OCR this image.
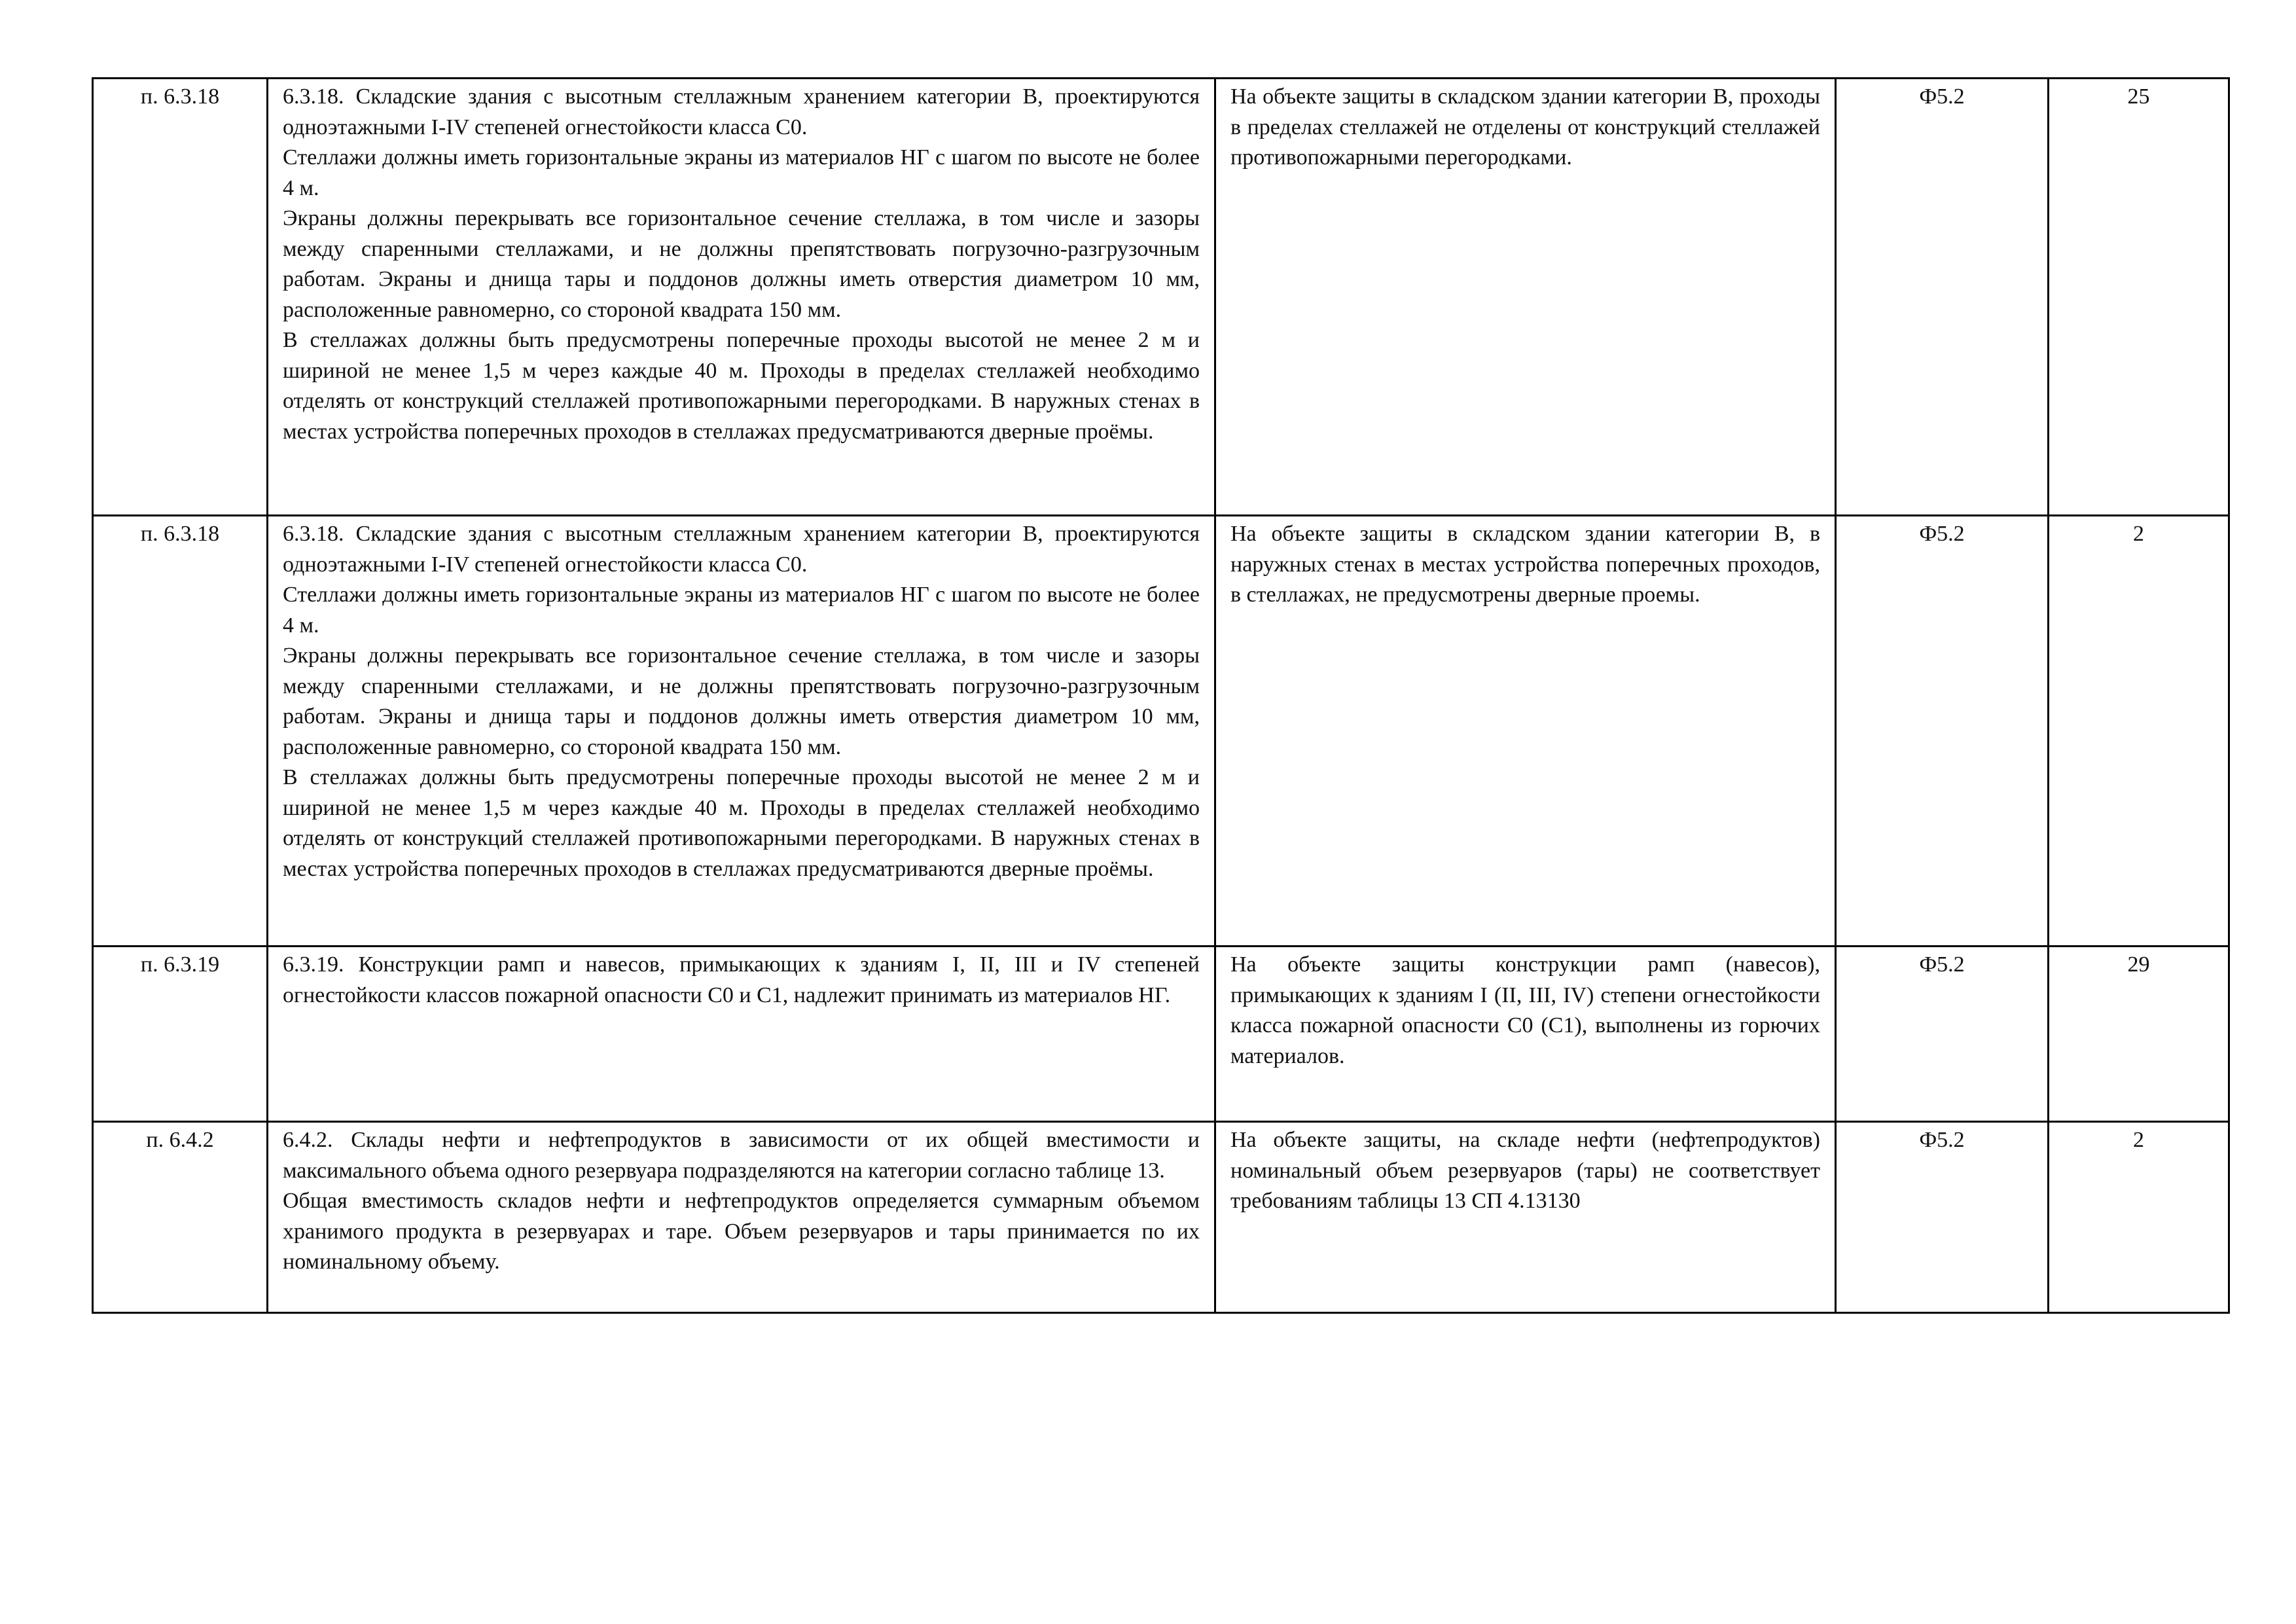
п. 6.3.18	6.3.18. Складские здания с высотным стеллажным хранением категории В, проектируются одноэтажными I-IV степеней огнестойкости класса С0.
Стеллажи должны иметь горизонтальные экраны из материалов НГ с шагом по высоте не более 4 м.
Экраны должны перекрывать все горизонтальное сечение стеллажа, в том числе и зазоры между спаренными стеллажами, и не должны препятствовать погрузочно-разгрузочным работам. Экраны и днища тары и поддонов должны иметь отверстия диаметром 10 мм, расположенные равномерно, со стороной квадрата 150 мм.
В стеллажах должны быть предусмотрены поперечные проходы высотой не менее 2 м и шириной не менее 1,5 м через каждые 40 м. Проходы в пределах стеллажей необходимо отделять от конструкций стеллажей противопожарными перегородками. В наружных стенах в местах устройства поперечных проходов в стеллажах предусматриваются дверные проёмы.	На объекте защиты в складском здании категории В, проходы в пределах стеллажей не отделены от конструкций стеллажей противопожарными перегородками.	Ф5.2	25
п. 6.3.18	6.3.18. Складские здания с высотным стеллажным хранением категории В, проектируются одноэтажными I-IV степеней огнестойкости класса С0.
Стеллажи должны иметь горизонтальные экраны из материалов НГ с шагом по высоте не более 4 м.
Экраны должны перекрывать все горизонтальное сечение стеллажа, в том числе и зазоры между спаренными стеллажами, и не должны препятствовать погрузочно-разгрузочным работам. Экраны и днища тары и поддонов должны иметь отверстия диаметром 10 мм, расположенные равномерно, со стороной квадрата 150 мм.
В стеллажах должны быть предусмотрены поперечные проходы высотой не менее 2 м и шириной не менее 1,5 м через каждые 40 м. Проходы в пределах стеллажей необходимо отделять от конструкций стеллажей противопожарными перегородками. В наружных стенах в местах устройства поперечных проходов в стеллажах предусматриваются дверные проёмы.	На объекте защиты в складском здании категории В, в наружных стенах в местах устройства поперечных проходов, в стеллажах, не предусмотрены дверные проемы.	Ф5.2	2
п. 6.3.19	6.3.19. Конструкции рамп и навесов, примыкающих к зданиям I, II, III и IV степеней огнестойкости классов пожарной опасности С0 и С1, надлежит принимать из материалов НГ.	На объекте защиты конструкции рамп (навесов), примыкающих к зданиям I (II, III, IV) степени огнестойкости класса пожарной опасности С0 (С1), выполнены из горючих материалов.	Ф5.2	29
п. 6.4.2	6.4.2. Склады нефти и нефтепродуктов в зависимости от их общей вместимости и максимального объема одного резервуара подразделяются на категории согласно таблице 13.
Общая вместимость складов нефти и нефтепродуктов определяется суммарным объемом хранимого продукта в резервуарах и таре. Объем резервуаров и тары принимается по их номинальному объему.	На объекте защиты, на складе нефти (нефтепродуктов) номинальный объем резервуаров (тары) не соответствует требованиям таблицы 13 СП 4.13130	Ф5.2	2
